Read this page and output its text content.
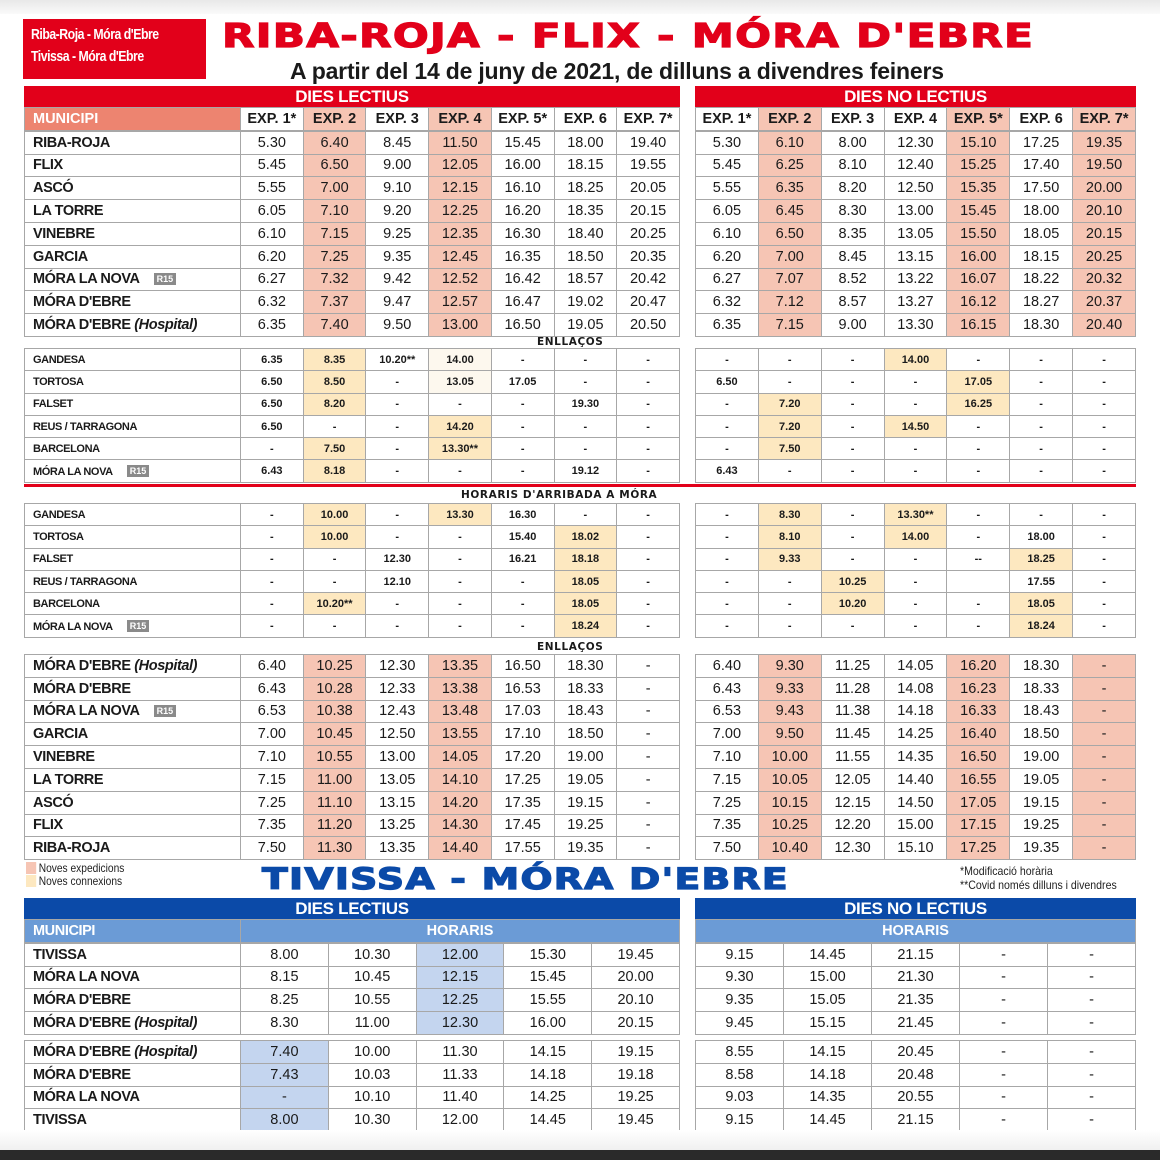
Riba-Roja - Móra d'Ebre
Tivissa - Móra d'Ebre
RIBA-ROJA - FLIX - MÓRA D'EBRE
A partir del 14 de juny de 2021, de dilluns a divendres feiners
DIES LECTIUS
MUNICIPI	EXP. 1*	EXP. 2	EXP. 3	EXP. 4	EXP. 5*	EXP. 6	EXP. 7*
RIBA-ROJA	5.30	6.40	8.45	11.50	15.45	18.00	19.40
FLIX	5.45	6.50	9.00	12.05	16.00	18.15	19.55
ASCÓ	5.55	7.00	9.10	12.15	16.10	18.25	20.05
LA TORRE	6.05	7.10	9.20	12.25	16.20	18.35	20.15
VINEBRE	6.10	7.15	9.25	12.35	16.30	18.40	20.25
GARCIA	6.20	7.25	9.35	12.45	16.35	18.50	20.35
MÓRA LA NOVA R15	6.27	7.32	9.42	12.52	16.42	18.57	20.42
MÓRA D'EBRE	6.32	7.37	9.47	12.57	16.47	19.02	20.47
MÓRA D'EBRE (Hospital)	6.35	7.40	9.50	13.00	16.50	19.05	20.50
DIES NO LECTIUS
EXP. 1*	EXP. 2	EXP. 3	EXP. 4	EXP. 5*	EXP. 6	EXP. 7*
5.30	6.10	8.00	12.30	15.10	17.25	19.35
5.45	6.25	8.10	12.40	15.25	17.40	19.50
5.55	6.35	8.20	12.50	15.35	17.50	20.00
6.05	6.45	8.30	13.00	15.45	18.00	20.10
6.10	6.50	8.35	13.05	15.50	18.05	20.15
6.20	7.00	8.45	13.15	16.00	18.15	20.25
6.27	7.07	8.52	13.22	16.07	18.22	20.32
6.32	7.12	8.57	13.27	16.12	18.27	20.37
6.35	7.15	9.00	13.30	16.15	18.30	20.40
ENLLAÇOS
GANDESA	6.35	8.35	10.20**	14.00	-	-	-
TORTOSA	6.50	8.50	-	13.05	17.05	-	-
FALSET	6.50	8.20	-	-	-	19.30	-
REUS / TARRAGONA	6.50	-	-	14.20	-	-	-
BARCELONA	-	7.50	-	13.30**	-	-	-
MÓRA LA NOVA R15	6.43	8.18	-	-	-	19.12	-
-	-	-	14.00	-	-	-
6.50	-	-	-	17.05	-	-
-	7.20	-	-	16.25	-	-
-	7.20	-	14.50	-	-	-
-	7.50	-	-	-	-	-
6.43	-	-	-	-	-	-
HORARIS D'ARRIBADA A MÓRA
GANDESA	-	10.00	-	13.30	16.30	-	-
TORTOSA	-	10.00	-	-	15.40	18.02	-
FALSET	-	-	12.30	-	16.21	18.18	-
REUS / TARRAGONA	-	-	12.10	-	-	18.05	-
BARCELONA	-	10.20**	-	-	-	18.05	-
MÓRA LA NOVA R15	-	-	-	-	-	18.24	-
-	8.30	-	13.30**	-	-	-
-	8.10	-	14.00	-	18.00	-
-	9.33	-	-	--	18.25	-
-	-	10.25	-		17.55	-
-	-	10.20	-	-	18.05	-
-	-	-	-	-	18.24	-
ENLLAÇOS
MÓRA D'EBRE (Hospital)	6.40	10.25	12.30	13.35	16.50	18.30	-
MÓRA D'EBRE	6.43	10.28	12.33	13.38	16.53	18.33	-
MÓRA LA NOVA R15	6.53	10.38	12.43	13.48	17.03	18.43	-
GARCIA	7.00	10.45	12.50	13.55	17.10	18.50	-
VINEBRE	7.10	10.55	13.00	14.05	17.20	19.00	-
LA TORRE	7.15	11.00	13.05	14.10	17.25	19.05	-
ASCÓ	7.25	11.10	13.15	14.20	17.35	19.15	-
FLIX	7.35	11.20	13.25	14.30	17.45	19.25	-
RIBA-ROJA	7.50	11.30	13.35	14.40	17.55	19.35	-
6.40	9.30	11.25	14.05	16.20	18.30	-
6.43	9.33	11.28	14.08	16.23	18.33	-
6.53	9.43	11.38	14.18	16.33	18.43	-
7.00	9.50	11.45	14.25	16.40	18.50	-
7.10	10.00	11.55	14.35	16.50	19.00	-
7.15	10.05	12.05	14.40	16.55	19.05	-
7.25	10.15	12.15	14.50	17.05	19.15	-
7.35	10.25	12.20	15.00	17.15	19.25	-
7.50	10.40	12.30	15.10	17.25	19.35	-
Noves expedicions
Noves connexions	TIVISSA - MÓRA D'EBRE	*Modificació horària
**Covid només dilluns i divendres
DIES LECTIUS
MUNICIPI	HORARIS
TIVISSA	8.00	10.30	12.00	15.30	19.45
MÓRA LA NOVA	8.15	10.45	12.15	15.45	20.00
MÓRA D'EBRE	8.25	10.55	12.25	15.55	20.10
MÓRA D'EBRE (Hospital)	8.30	11.00	12.30	16.00	20.15
MÓRA D'EBRE (Hospital)	7.40	10.00	11.30	14.15	19.15
MÓRA D'EBRE	7.43	10.03	11.33	14.18	19.18
MÓRA LA NOVA	-	10.10	11.40	14.25	19.25
TIVISSA	8.00	10.30	12.00	14.45	19.45
DIES NO LECTIUS
HORARIS
9.15	14.45	21.15	-	-
9.30	15.00	21.30	-	-
9.35	15.05	21.35	-	-
9.45	15.15	21.45	-	-
8.55	14.15	20.45	-	-
8.58	14.18	20.48	-	-
9.03	14.35	20.55	-	-
9.15	14.45	21.15	-	-
